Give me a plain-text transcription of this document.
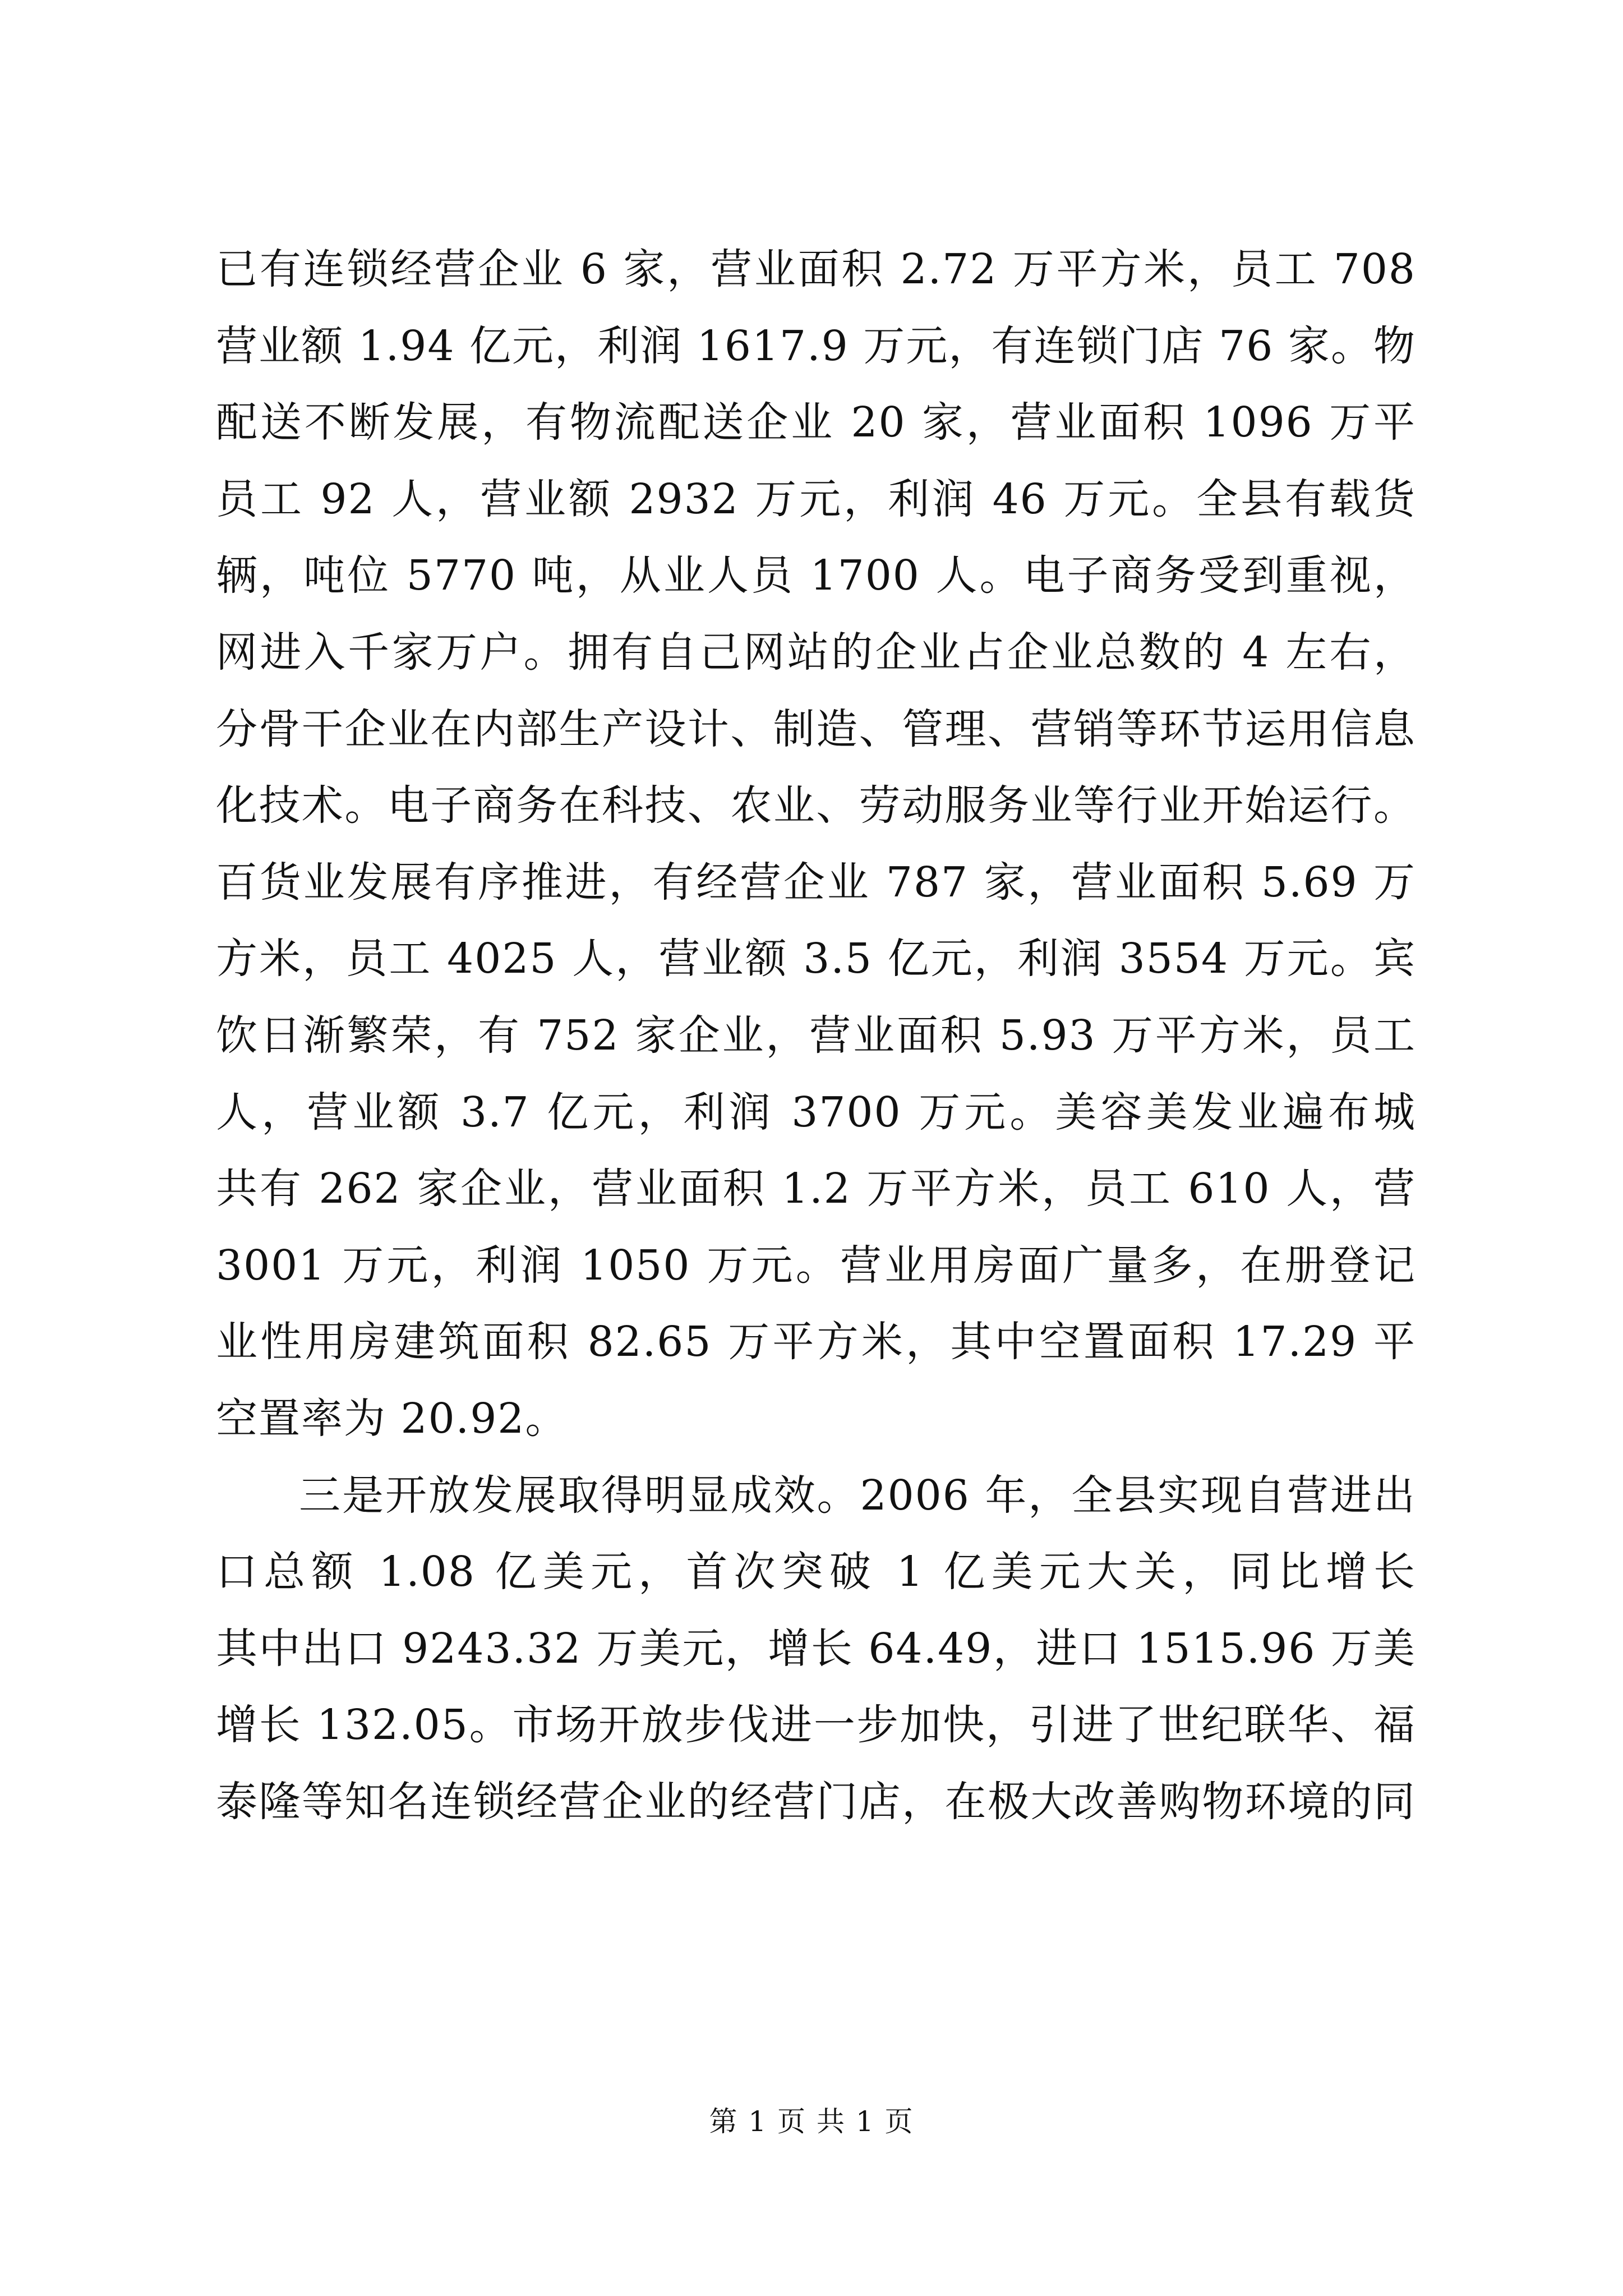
已有连锁经营企业 6 家，营业面积 2.72 万平方米，员工 708
营业额 1.94 亿元，利润 1617.9 万元，有连锁门店 76 家。物
配送不断发展，有物流配送企业 20 家，营业面积 1096 万平
员工 92 人，营业额 2932 万元，利润 46 万元。全县有载货
辆，吨位 5770 吨，从业人员 1700 人。电子商务受到重视，
网进入千家万户。拥有自己网站的企业占企业总数的 4 左右，
分骨干企业在内部生产设计、制造、管理、营销等环节运用信息
化技术。电子商务在科技、农业、劳动服务业等行业开始运行。
百货业发展有序推进，有经营企业 787 家，营业面积 5.69 万
方米，员工 4025 人，营业额 3.5 亿元，利润 3554 万元。宾
饮日渐繁荣，有 752 家企业，营业面积 5.93 万平方米，员工
人，营业额 3.7 亿元，利润 3700 万元。美容美发业遍布城
共有 262 家企业，营业面积 1.2 万平方米，员工 610 人，营
3001 万元，利润 1050 万元。营业用房面广量多，在册登记
业性用房建筑面积 82.65 万平方米，其中空置面积 17.29 平
空置率为 20.92。
三是开放发展取得明显成效。2006 年，全县实现自营进出
口总额 1.08 亿美元，首次突破 1 亿美元大关，同比增长
其中出口 9243.32 万美元，增长 64.49，进口 1515.96 万美
增长 132.05。市场开放步伐进一步加快，引进了世纪联华、福
泰隆等知名连锁经营企业的经营门店，在极大改善购物环境的同
第 1 页 共 1 页
